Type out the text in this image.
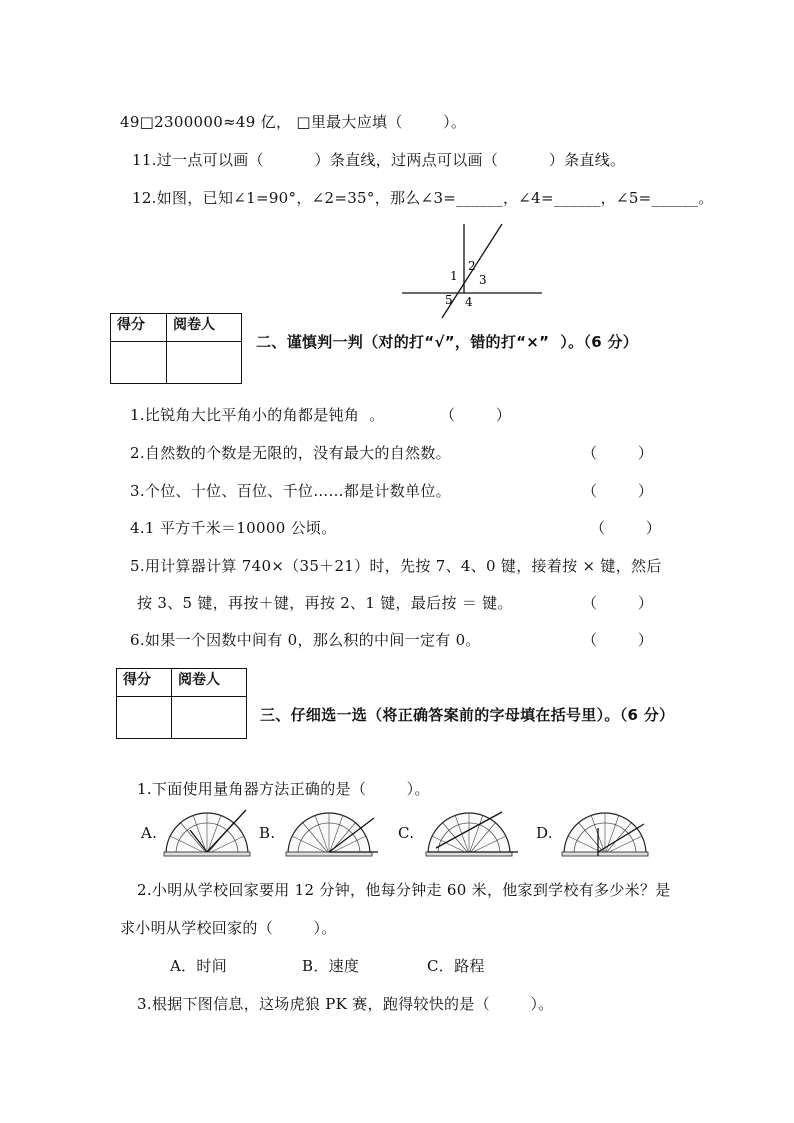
49□2300000≈49 亿， □里最大应填（        ）。
11.过一点可以画（          ）条直线，过两点可以画（          ）条直线。
12.如图，已知∠1=90°，∠2=35°，那么∠3=______，∠4=______，∠5=______。
1
2
3
5 4
得分	阅卷人

二、谨慎判一判（对的打“√”，错的打“×”  ）。（6 分）
1.比锐角大比平角小的角都是钝角  。	（        ）
2.自然数的个数是无限的，没有最大的自然数。	（        ）
3.个位、十位、百位、千位……都是计数单位。	（        ）
4.1 平方千米＝10000 公顷。	（        ）
5.用计算器计算 740×（35＋21）时，先按 7、4、0 键，接着按 × 键，然后
按 3、5 键，再按＋键，再按 2、1 键，最后按 ＝ 键。	（        ）
6.如果一个因数中间有 0，那么积的中间一定有 0。	（        ）
得分	阅卷人

三、仔细选一选（将正确答案前的字母填在括号里）。（6 分）
1.下面使用量角器方法正确的是（        ）。
A.	B.	C.	D.
2.小明从学校回家要用 12 分钟，他每分钟走 60 米，他家到学校有多少米？是
求小明从学校回家的（        ）。
A．时间	B．速度	C．路程
3.根据下图信息，这场虎狼 PK 赛，跑得较快的是（        ）。
